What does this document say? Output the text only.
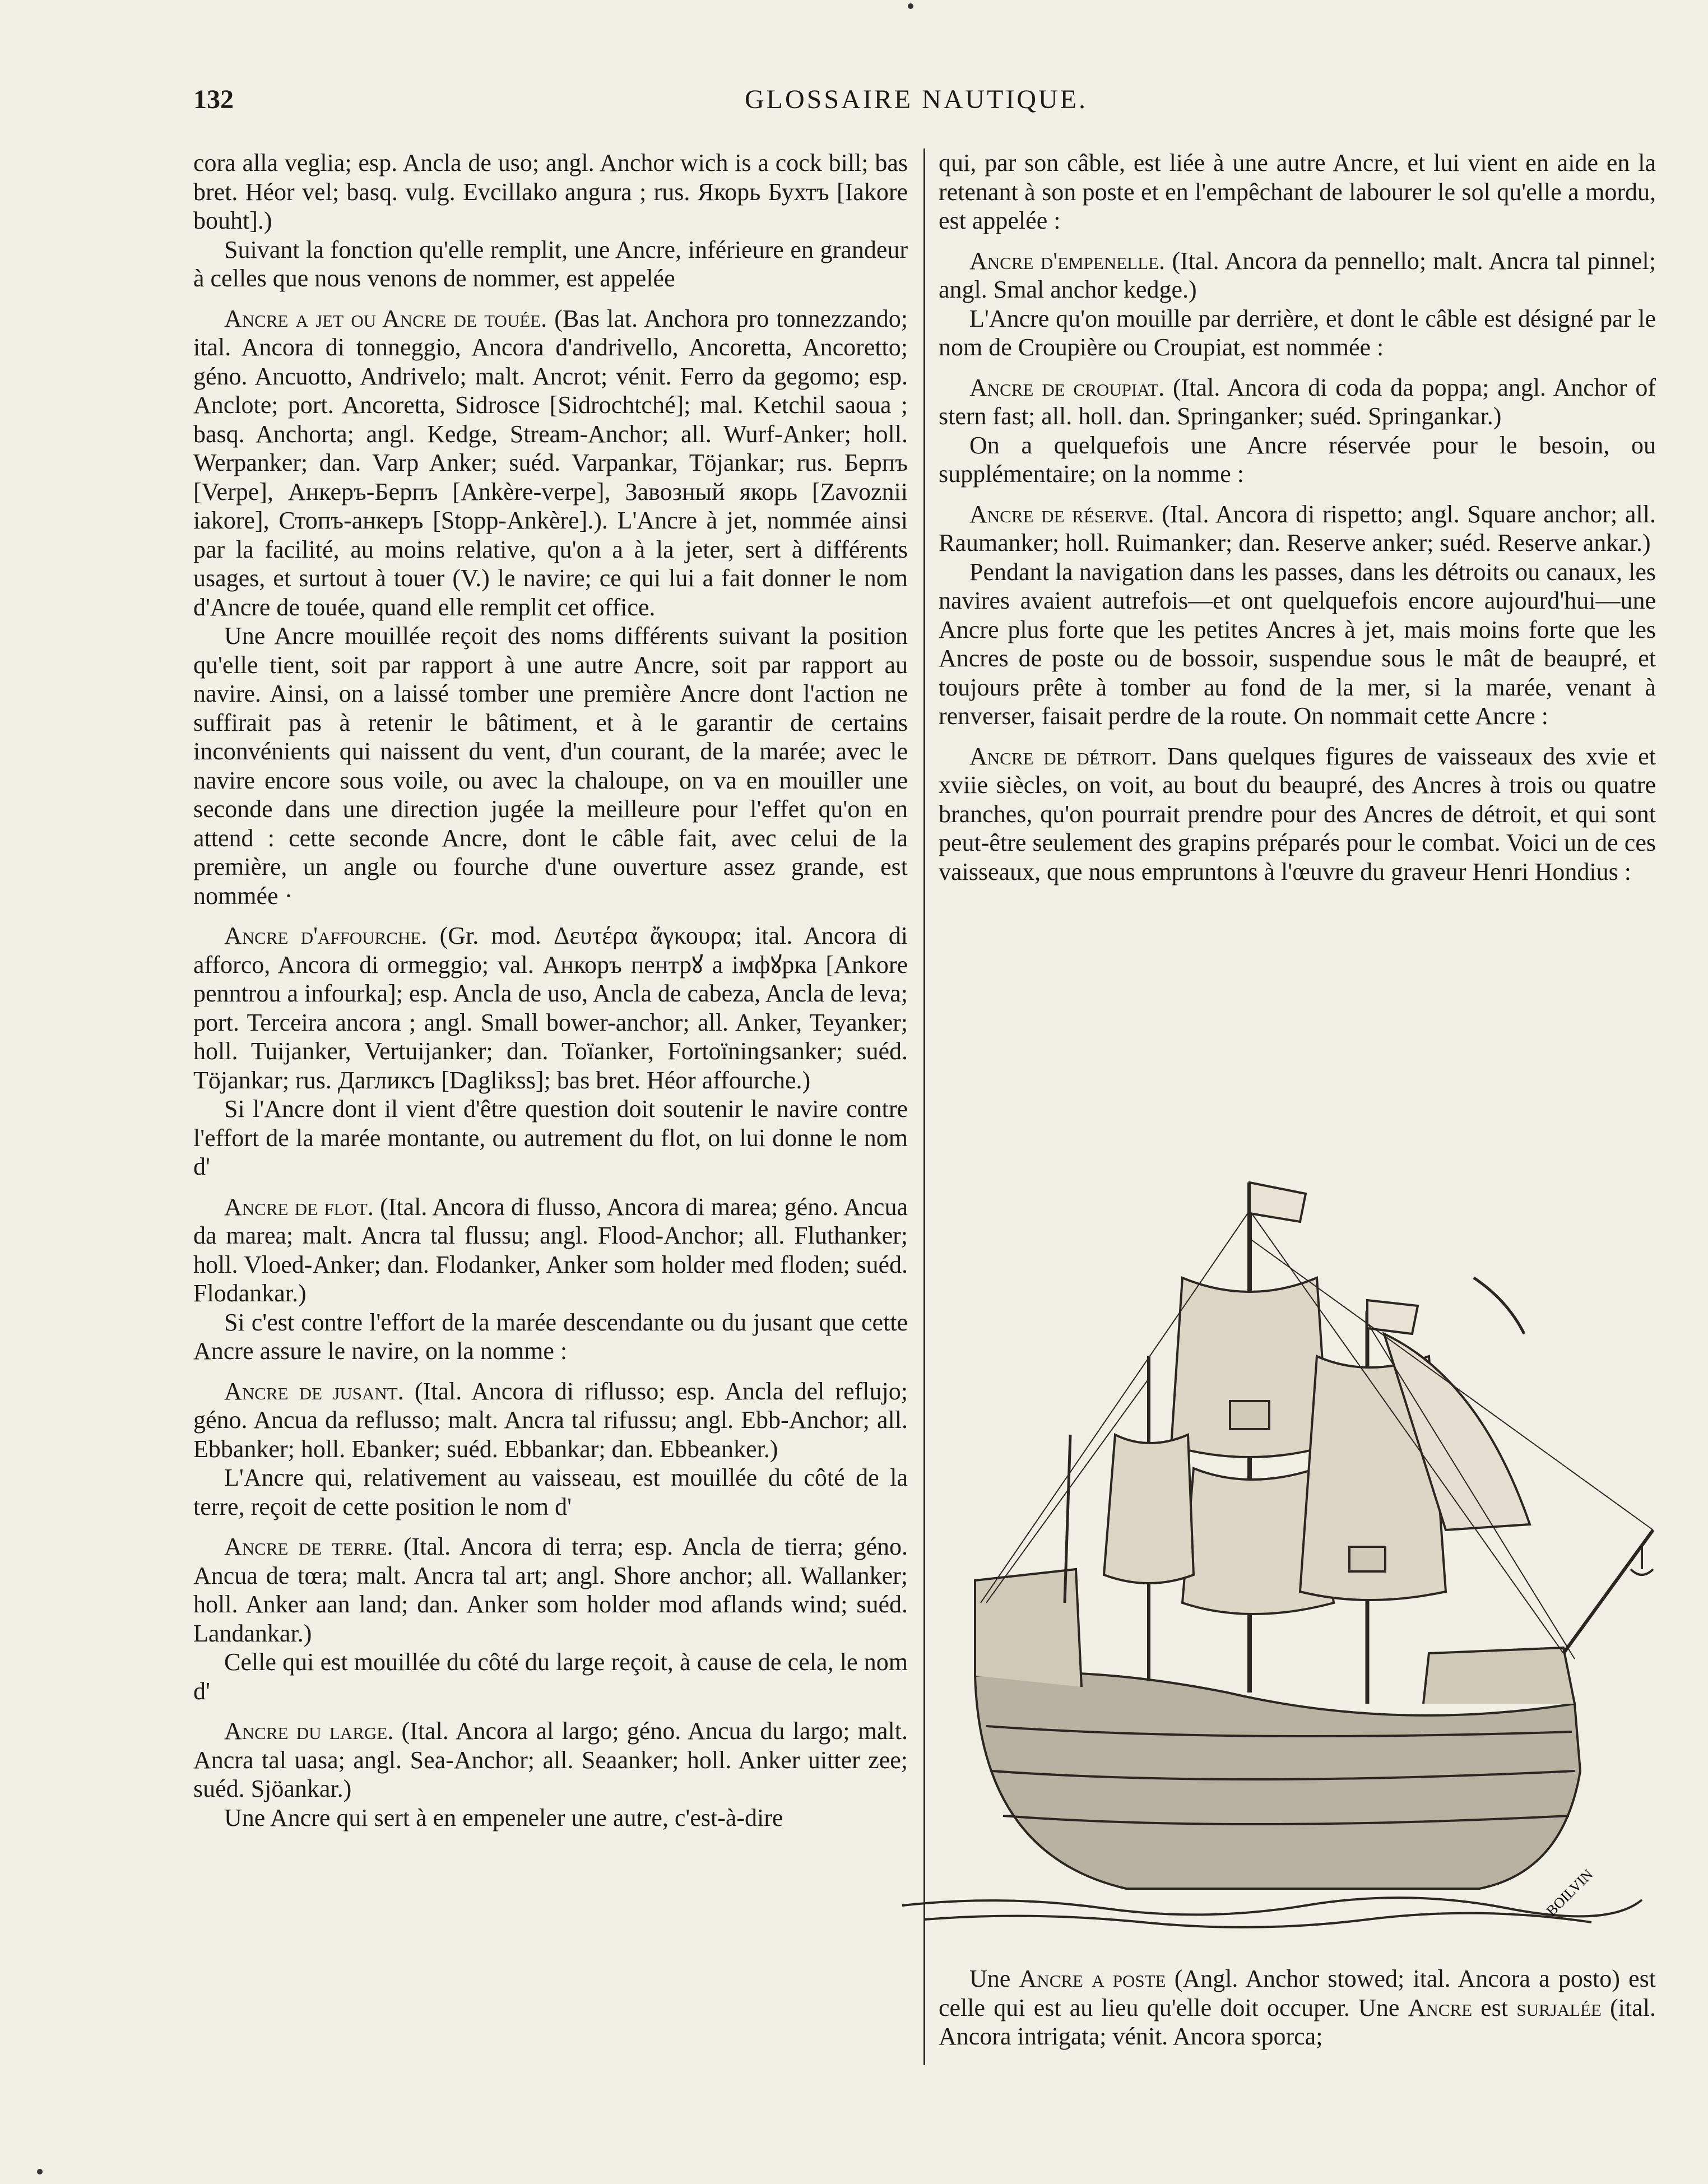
132	GLOSSAIRE NAUTIQUE.

cora alla veglia; esp. Ancla de uso; angl. Anchor wich is a cock bill; bas bret. Héor vel; basq. vulg. Evcillako angura ; rus. Якорь Бухтъ [Iakore bouht].)

Suivant la fonction qu'elle remplit, une Ancre, inférieure en grandeur à celles que nous venons de nommer, est appelée

Ancre a jet ou Ancre de touée. (Bas lat. Anchora pro tonnezzando; ital. Ancora di tonneggio, Ancora d'andrivello, Ancoretta, Ancoretto; géno. Ancuotto, Andrivelo; malt. Ancrot; vénit. Ferro da gegomo; esp. Anclote; port. Ancoretta, Sidrosce [Sidrochtché]; mal. Ketchil saoua ; basq. Anchorta; angl. Kedge, Stream-Anchor; all. Wurf-Anker; holl. Werpanker; dan. Varp Anker; suéd. Varpankar, Töjankar; rus. Берпъ [Verpe], Анкеръ-Берпъ [Ankère-verpe], Завозный якорь [Zavoznii iakore], Стопъ-анкеръ [Stopp-Ankère].). L'Ancre à jet, nommée ainsi par la facilité, au moins relative, qu'on a à la jeter, sert à différents usages, et surtout à touer (V.) le navire; ce qui lui a fait donner le nom d'Ancre de touée, quand elle remplit cet office.

Une Ancre mouillée reçoit des noms différents suivant la position qu'elle tient, soit par rapport à une autre Ancre, soit par rapport au navire. Ainsi, on a laissé tomber une première Ancre dont l'action ne suffirait pas à retenir le bâtiment, et à le garantir de certains inconvénients qui naissent du vent, d'un courant, de la marée; avec le navire encore sous voile, ou avec la chaloupe, on va en mouiller une seconde dans une direction jugée la meilleure pour l'effet qu'on en attend : cette seconde Ancre, dont le câble fait, avec celui de la première, un angle ou fourche d'une ouverture assez grande, est nommée ·

Ancre d'affourche. (Gr. mod. Δευτέρα ἄγκουρα; ital. Ancora di afforco, Ancora di ormeggio; val. Анкоръ пентрꙋ а імфꙋрка [Ankore penntrou a infourka]; esp. Ancla de uso, Ancla de cabeza, Ancla de leva; port. Terceira ancora ; angl. Small bower-anchor; all. Anker, Teyanker; holl. Tuijanker, Vertuijanker; dan. Toïanker, Fortoïningsanker; suéd. Töjankar; rus. Дагликсъ [Daglikss]; bas bret. Héor affourche.)

Si l'Ancre dont il vient d'être question doit soutenir le navire contre l'effort de la marée montante, ou autrement du flot, on lui donne le nom d'

Ancre de flot. (Ital. Ancora di flusso, Ancora di marea; géno. Ancua da marea; malt. Ancra tal flussu; angl. Flood-Anchor; all. Fluthanker; holl. Vloed-Anker; dan. Flodanker, Anker som holder med floden; suéd. Flodankar.)

Si c'est contre l'effort de la marée descendante ou du jusant que cette Ancre assure le navire, on la nomme :

Ancre de jusant. (Ital. Ancora di riflusso; esp. Ancla del reflujo; géno. Ancua da reflusso; malt. Ancra tal rifussu; angl. Ebb-Anchor; all. Ebbanker; holl. Ebanker; suéd. Ebbankar; dan. Ebbeanker.)

L'Ancre qui, relativement au vaisseau, est mouillée du côté de la terre, reçoit de cette position le nom d'

Ancre de terre. (Ital. Ancora di terra; esp. Ancla de tierra; géno. Ancua de tœra; malt. Ancra tal art; angl. Shore anchor; all. Wallanker; holl. Anker aan land; dan. Anker som holder mod aflands wind; suéd. Landankar.)

Celle qui est mouillée du côté du large reçoit, à cause de cela, le nom d'

Ancre du large. (Ital. Ancora al largo; géno. Ancua du largo; malt. Ancra tal uasa; angl. Sea-Anchor; all. Seaanker; holl. Anker uitter zee; suéd. Sjöankar.)

Une Ancre qui sert à en empeneler une autre, c'est-à-dire

qui, par son câble, est liée à une autre Ancre, et lui vient en aide en la retenant à son poste et en l'empêchant de labourer le sol qu'elle a mordu, est appelée :

Ancre d'empenelle. (Ital. Ancora da pennello; malt. Ancra tal pinnel; angl. Smal anchor kedge.)

L'Ancre qu'on mouille par derrière, et dont le câble est désigné par le nom de Croupière ou Croupiat, est nommée :

Ancre de croupiat. (Ital. Ancora di coda da poppa; angl. Anchor of stern fast; all. holl. dan. Springanker; suéd. Springankar.)

On a quelquefois une Ancre réservée pour le besoin, ou supplémentaire; on la nomme :

Ancre de réserve. (Ital. Ancora di rispetto; angl. Square anchor; all. Raumanker; holl. Ruimanker; dan. Reserve anker; suéd. Reserve ankar.)

Pendant la navigation dans les passes, dans les détroits ou canaux, les navires avaient autrefois—et ont quelquefois encore aujourd'hui—une Ancre plus forte que les petites Ancres à jet, mais moins forte que les Ancres de poste ou de bossoir, suspendue sous le mât de beaupré, et toujours prête à tomber au fond de la mer, si la marée, venant à renverser, faisait perdre de la route. On nommait cette Ancre :

Ancre de détroit. Dans quelques figures de vaisseaux des xvie et xviie siècles, on voit, au bout du beaupré, des Ancres à trois ou quatre branches, qu'on pourrait prendre pour des Ancres de détroit, et qui sont peut-être seulement des grapins préparés pour le combat. Voici un de ces vaisseaux, que nous empruntons à l'œuvre du graveur Henri Hondius :

BOILVIN

Une Ancre a poste (Angl. Anchor stowed; ital. Ancora a posto) est celle qui est au lieu qu'elle doit occuper. Une Ancre est surjalée (ital. Ancora intrigata; vénit. Ancora sporca;
